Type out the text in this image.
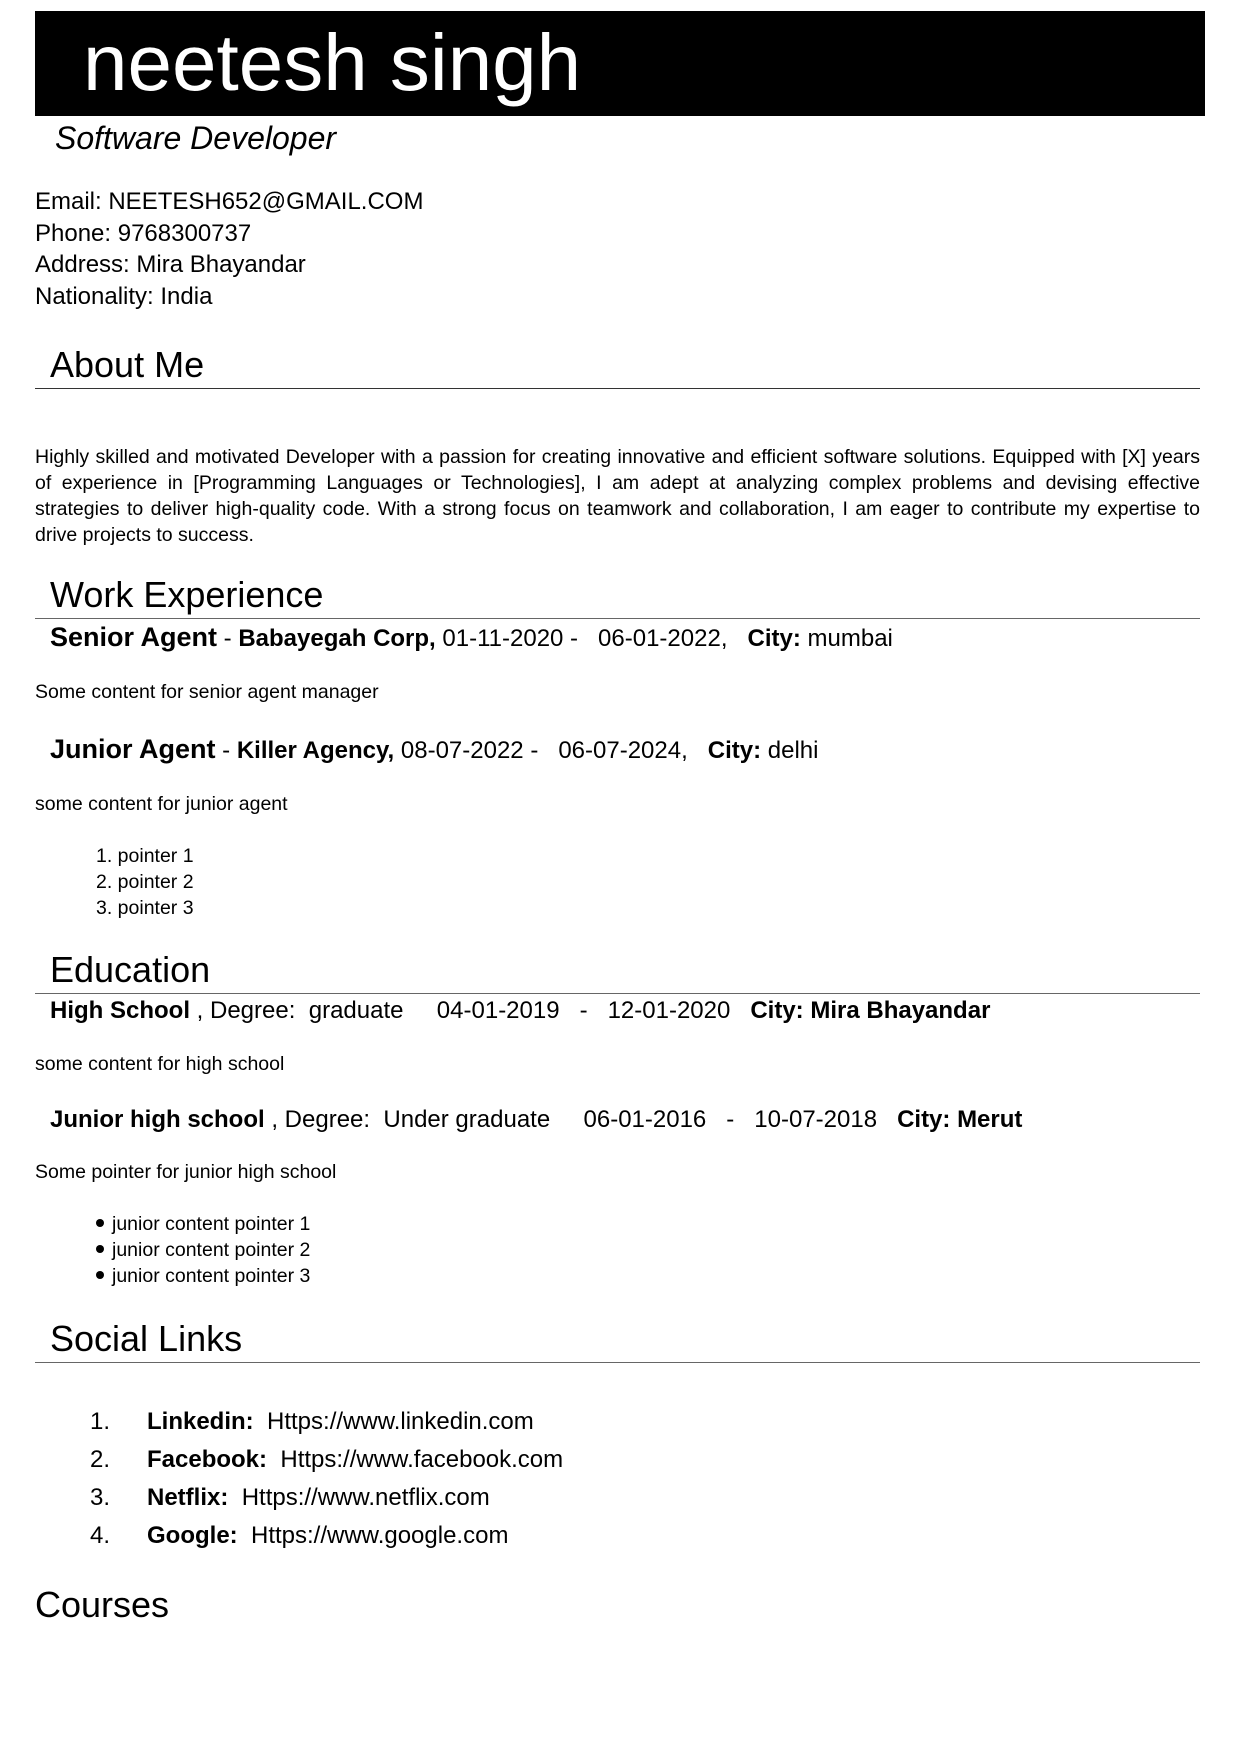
neetesh singh
Software Developer
Email: NEETESH652@GMAIL.COM
Phone: 9768300737
Address: Mira Bhayandar
Nationality: India
About Me
Highly skilled and motivated Developer with a passion for creating innovative and efficient software solutions. Equipped with [X] years of experience in [Programming Languages or Technologies], I am adept at analyzing complex problems and devising effective strategies to deliver high-quality code. With a strong focus on teamwork and collaboration, I am eager to contribute my expertise to drive projects to success.
Work Experience
Senior Agent - Babayegah Corp, 01-11-2020 -   06-01-2022,   City: mumbai
Some content for senior agent manager
Junior Agent - Killer Agency, 08-07-2022 -   06-07-2024,   City: delhi
some content for junior agent
1. pointer 1
2. pointer 2
3. pointer 3
Education
High School , Degree:  graduate     04-01-2019   -   12-01-2020   City: Mira Bhayandar
some content for high school
Junior high school , Degree:  Under graduate     06-01-2016   -   10-07-2018   City: Merut
Some pointer for junior high school
junior content pointer 1
junior content pointer 2
junior content pointer 3
Social Links
1. Linkedin: Https://www.linkedin.com
2. Facebook: Https://www.facebook.com
3. Netflix: Https://www.netflix.com
4. Google: Https://www.google.com
Courses
